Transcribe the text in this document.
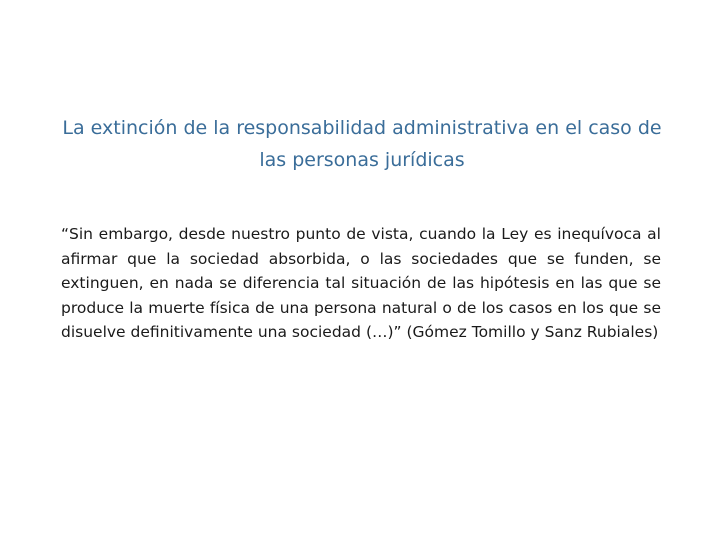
La extinción de la responsabilidad administrativa en el caso de las personas jurídicas

“Sin embargo, desde nuestro punto de vista, cuando la Ley es inequívoca al afirmar que la sociedad absorbida, o las sociedades que se funden, se extinguen, en nada se diferencia tal situación de las hipótesis en las que se produce la muerte física de una persona natural o de los casos en los que se disuelve definitivamente una sociedad (…)” (Gómez Tomillo y Sanz Rubiales)
